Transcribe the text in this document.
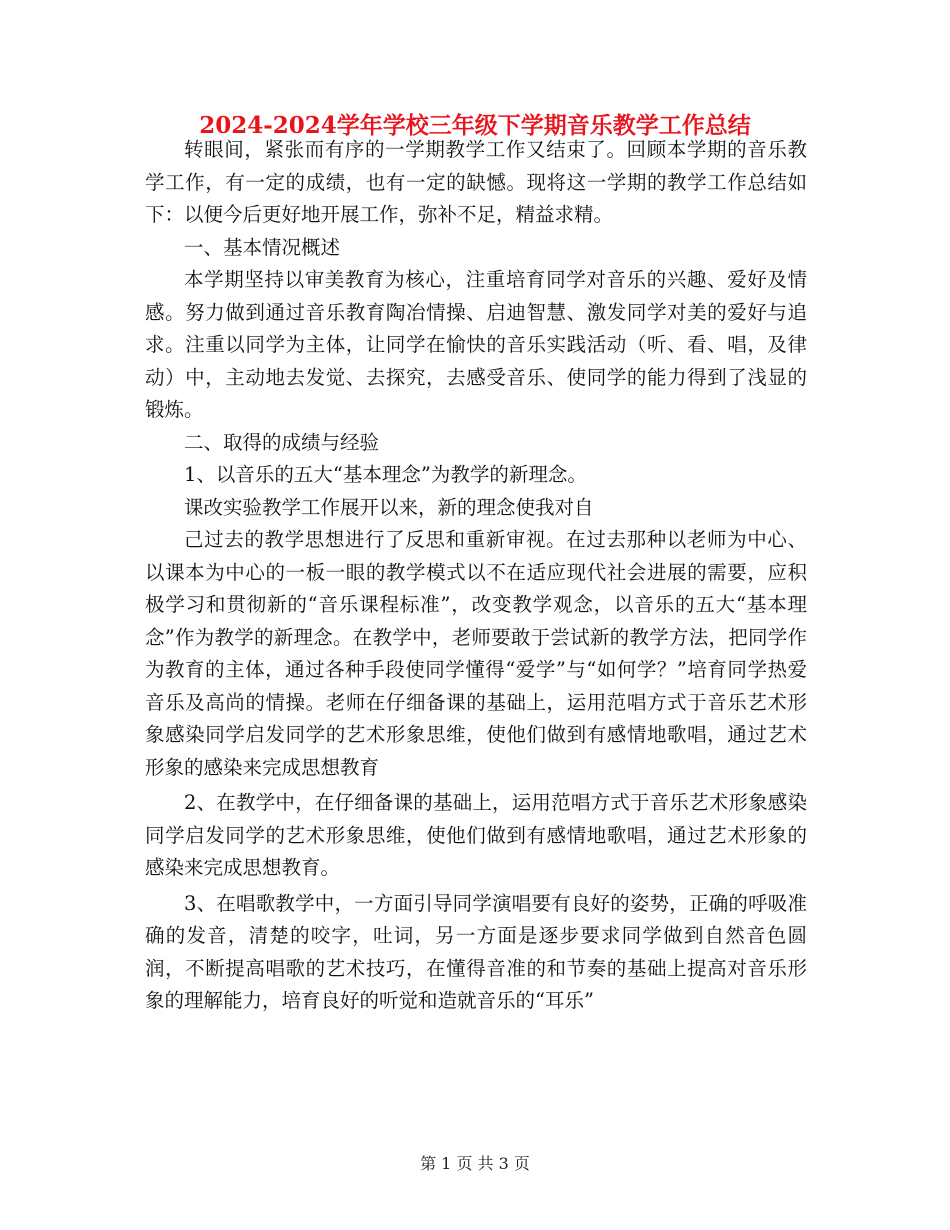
2024-2024学年学校三年级下学期音乐教学工作总结

转眼间，紧张而有序的一学期教学工作又结束了。回顾本学期的音乐教学工作，有一定的成绩，也有一定的缺憾。现将这一学期的教学工作总结如下：以便今后更好地开展工作，弥补不足，精益求精。

一、基本情况概述

本学期坚持以审美教育为核心，注重培育同学对音乐的兴趣、爱好及情感。努力做到通过音乐教育陶冶情操、启迪智慧、激发同学对美的爱好与追求。注重以同学为主体，让同学在愉快的音乐实践活动（听、看、唱，及律动）中，主动地去发觉、去探究，去感受音乐、使同学的能力得到了浅显的锻炼。

二、取得的成绩与经验

1、以音乐的五大“基本理念”为教学的新理念。

课改实验教学工作展开以来，新的理念使我对自

己过去的教学思想进行了反思和重新审视。在过去那种以老师为中心、以课本为中心的一板一眼的教学模式以不在适应现代社会进展的需要，应积极学习和贯彻新的“音乐课程标准”，改变教学观念，以音乐的五大“基本理念”作为教学的新理念。在教学中，老师要敢于尝试新的教学方法，把同学作为教育的主体，通过各种手段使同学懂得“爱学”与“如何学？”培育同学热爱音乐及高尚的情操。老师在仔细备课的基础上，运用范唱方式于音乐艺术形象感染同学启发同学的艺术形象思维，使他们做到有感情地歌唱，通过艺术形象的感染来完成思想教育

2、在教学中，在仔细备课的基础上，运用范唱方式于音乐艺术形象感染同学启发同学的艺术形象思维，使他们做到有感情地歌唱，通过艺术形象的感染来完成思想教育。

3、在唱歌教学中，一方面引导同学演唱要有良好的姿势，正确的呼吸准确的发音，清楚的咬字，吐词，另一方面是逐步要求同学做到自然音色圆润，不断提高唱歌的艺术技巧，在懂得音准的和节奏的基础上提高对音乐形象的理解能力，培育良好的听觉和造就音乐的“耳乐”

第 1 页 共 3 页
